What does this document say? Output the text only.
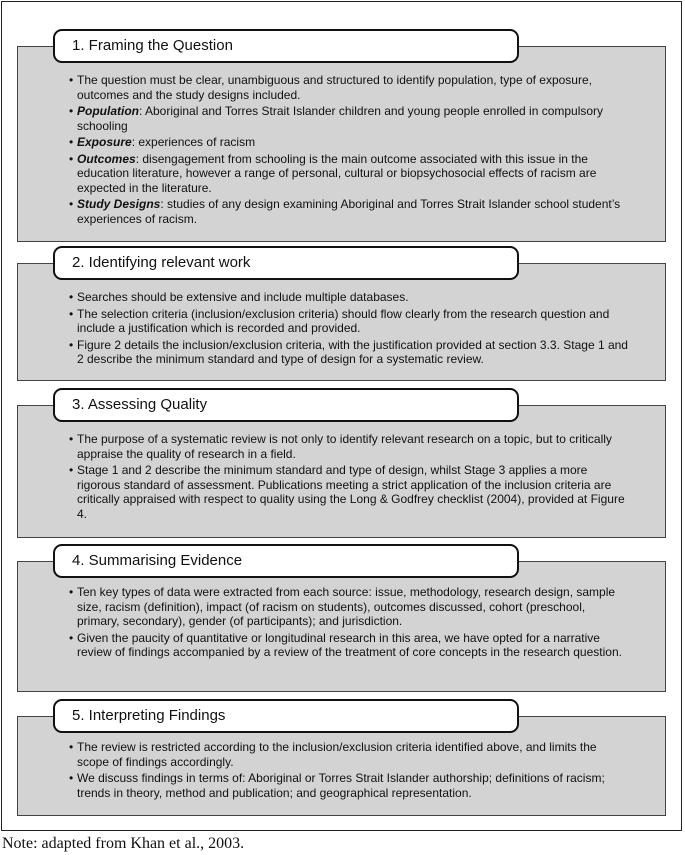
1. Framing the Question
• The question must be clear, unambiguous and structured to identify population, type of exposure, outcomes and the study designs included.
• Population: Aboriginal and Torres Strait Islander children and young people enrolled in compulsory schooling
• Exposure: experiences of racism
• Outcomes: disengagement from schooling is the main outcome associated with this issue in the education literature, however a range of personal, cultural or biopsychosocial effects of racism are expected in the literature.
• Study Designs: studies of any design examining Aboriginal and Torres Strait Islander school student’s experiences of racism.
2. Identifying relevant work
• Searches should be extensive and include multiple databases.
• The selection criteria (inclusion/exclusion criteria) should flow clearly from the research question and include a justification which is recorded and provided.
• Figure 2 details the inclusion/exclusion criteria, with the justification provided at section 3.3. Stage 1 and 2 describe the minimum standard and type of design for a systematic review.
3. Assessing Quality
• The purpose of a systematic review is not only to identify relevant research on a topic, but to critically appraise the quality of research in a field.
• Stage 1 and 2 describe the minimum standard and type of design, whilst Stage 3 applies a more rigorous standard of assessment. Publications meeting a strict application of the inclusion criteria are critically appraised with respect to quality using the Long & Godfrey checklist (2004), provided at Figure 4.
4. Summarising Evidence
• Ten key types of data were extracted from each source: issue, methodology, research design, sample size, racism (definition), impact (of racism on students), outcomes discussed, cohort (preschool, primary, secondary), gender (of participants); and jurisdiction.
• Given the paucity of quantitative or longitudinal research in this area, we have opted for a narrative review of findings accompanied by a review of the treatment of core concepts in the research question.
5. Interpreting Findings
• The review is restricted according to the inclusion/exclusion criteria identified above, and limits the scope of findings accordingly.
• We discuss findings in terms of: Aboriginal or Torres Strait Islander authorship; definitions of racism; trends in theory, method and publication; and geographical representation.
Note: adapted from Khan et al., 2003.
